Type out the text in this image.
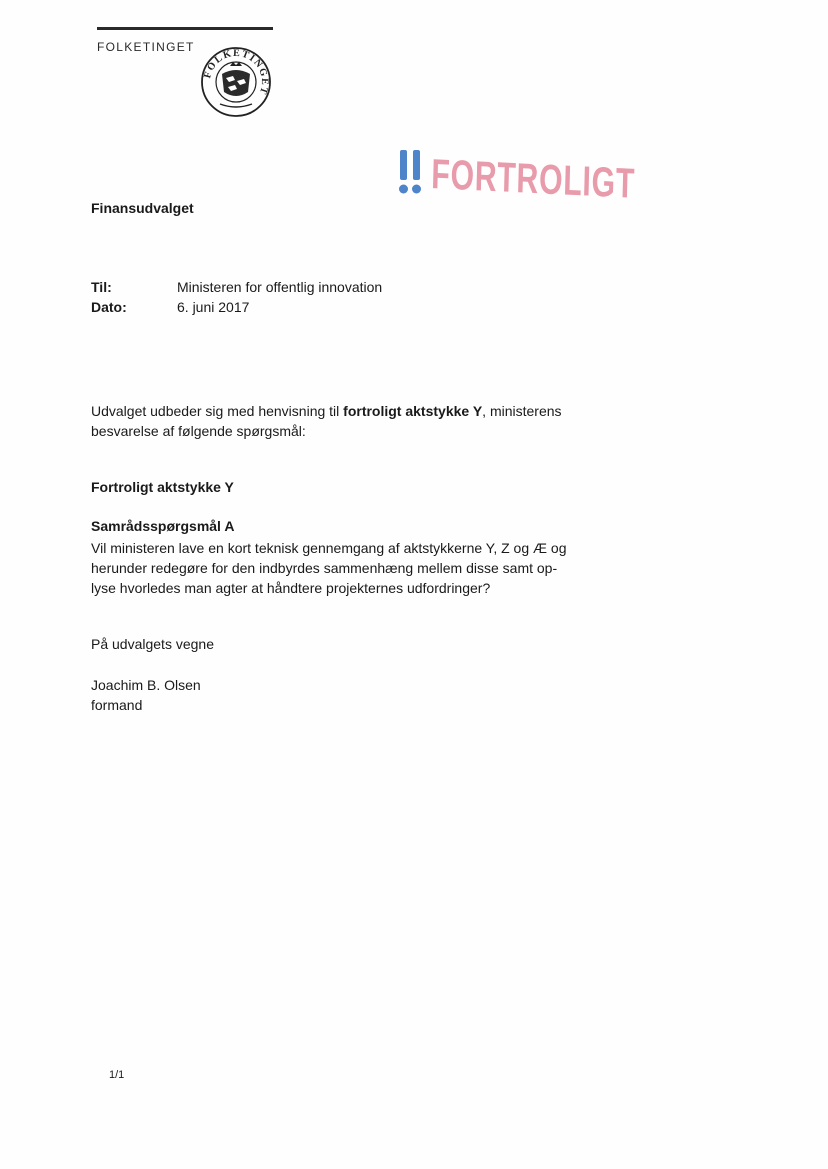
FOLKETINGET
FOLKETINGET
FORTROLIGT
Finansudvalget
Til:	Ministeren for offentlig innovation
Dato:	6. juni 2017
Udvalget udbeder sig med henvisning til fortroligt aktstykke Y, ministerens
besvarelse af følgende spørgsmål:
Fortroligt aktstykke Y
Samrådsspørgsmål A
Vil ministeren lave en kort teknisk gennemgang af aktstykkerne Y, Z og Æ og
herunder redegøre for den indbyrdes sammenhæng mellem disse samt op-
lyse hvorledes man agter at håndtere projekternes udfordringer?
På udvalgets vegne
Joachim B. Olsen
formand
1/1
